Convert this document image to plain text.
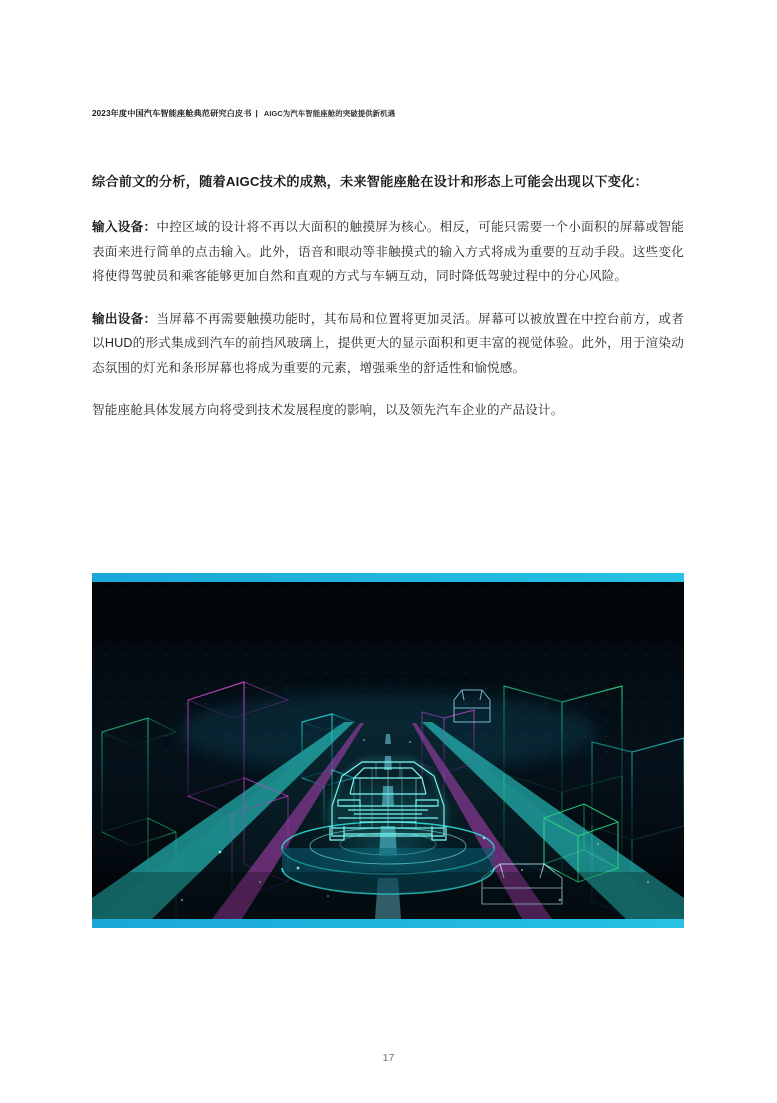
2023年度中国汽车智能座舱典范研究白皮书 | AIGC为汽车智能座舱的突破提供新机遇

综合前文的分析，随着AIGC技术的成熟，未来智能座舱在设计和形态上可能会出现以下变化：

输入设备：中控区域的设计将不再以大面积的触摸屏为核心。相反，可能只需要一个小面积的屏幕或智能表面来进行简单的点击输入。此外，语音和眼动等非触摸式的输入方式将成为重要的互动手段。这些变化将使得驾驶员和乘客能够更加自然和直观的方式与车辆互动，同时降低驾驶过程中的分心风险。

输出设备：当屏幕不再需要触摸功能时，其布局和位置将更加灵活。屏幕可以被放置在中控台前方，或者以HUD的形式集成到汽车的前挡风玻璃上，提供更大的显示面积和更丰富的视觉体验。此外，用于渲染动态氛围的灯光和条形屏幕也将成为重要的元素，增强乘坐的舒适性和愉悦感。

智能座舱具体发展方向将受到技术发展程度的影响，以及领先汽车企业的产品设计。

17
